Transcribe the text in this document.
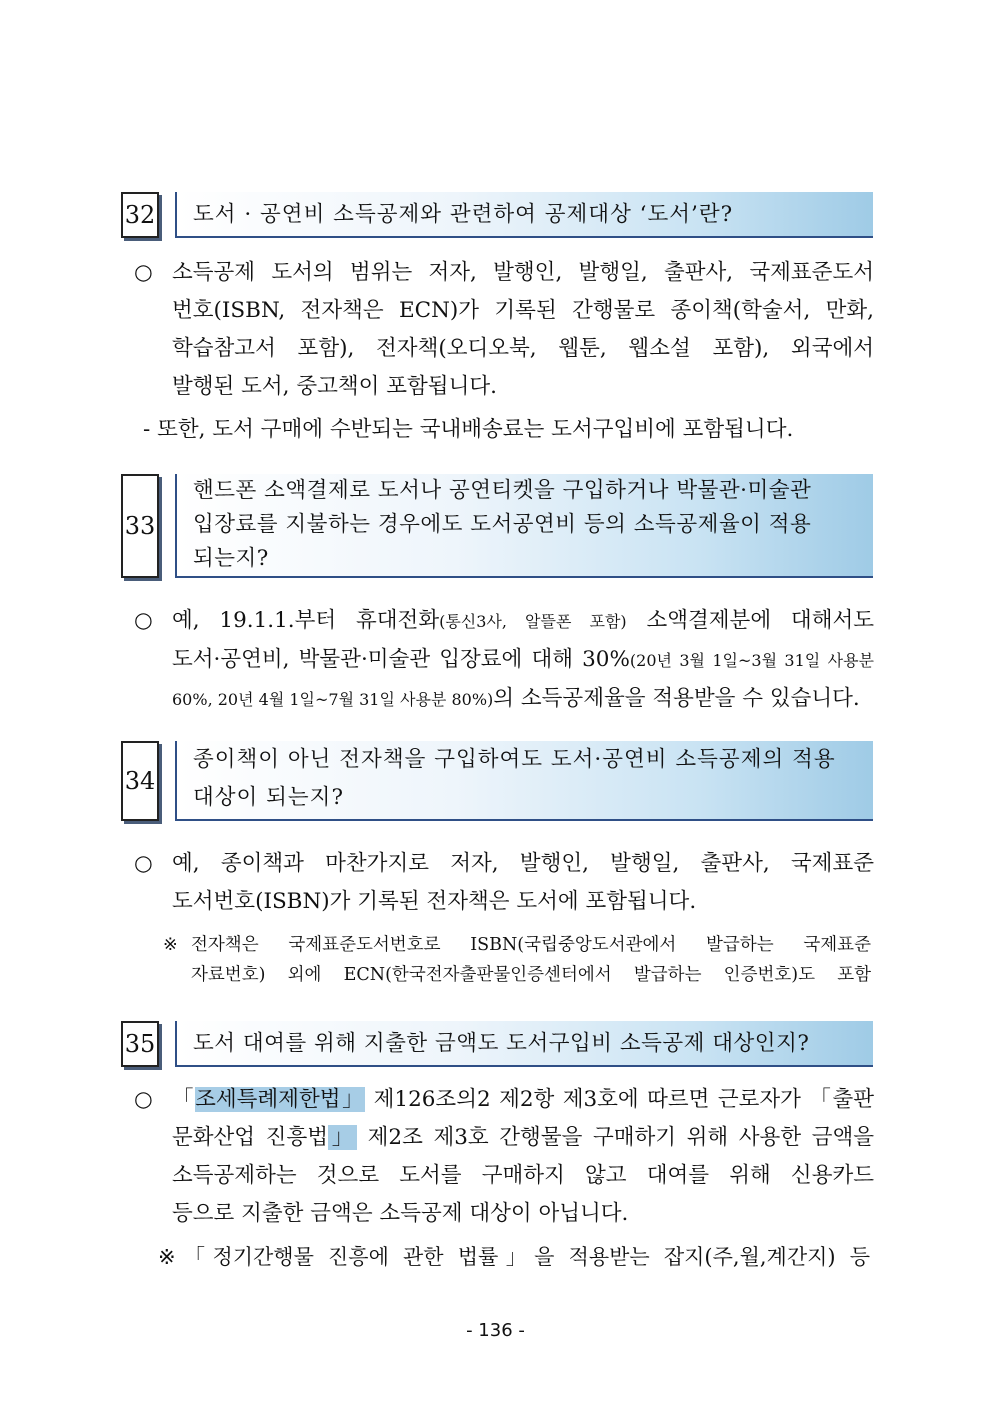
32 도서 · 공연비 소득공제와 관련하여 공제대상 ‘도서’란?
○ 소득공제 도서의 범위는 저자, 발행인, 발행일, 출판사, 국제표준도서
번호(ISBN, 전자책은 ECN)가 기록된 간행물로 종이책(학술서, 만화,
학습참고서 포함), 전자책(오디오북, 웹툰, 웹소설 포함), 외국에서
발행된 도서, 중고책이 포함됩니다.
- 또한, 도서 구매에 수반되는 국내배송료는 도서구입비에 포함됩니다.
33
핸드폰 소액결제로 도서나 공연티켓을 구입하거나 박물관·미술관
입장료를 지불하는 경우에도 도서공연비 등의 소득공제율이 적용
되는지?
○ 예, 19.1.1.부터 휴대전화(통신3사, 알뜰폰 포함) 소액결제분에 대해서도
도서·공연비, 박물관·미술관 입장료에 대해 30%(20년 3월 1일~3월 31일 사용분
60%, 20년 4월 1일~7월 31일 사용분 80%)의 소득공제율을 적용받을 수 있습니다.
34
종이책이 아닌 전자책을 구입하여도 도서·공연비 소득공제의 적용
대상이 되는지?
○ 예, 종이책과 마찬가지로 저자, 발행인, 발행일, 출판사, 국제표준
도서번호(ISBN)가 기록된 전자책은 도서에 포함됩니다.
※ 전자책은 국제표준도서번호로 ISBN(국립중앙도서관에서 발급하는 국제표준
자료번호) 외에 ECN(한국전자출판물인증센터에서 발급하는 인증번호)도 포함
35 도서 대여를 위해 지출한 금액도 도서구입비 소득공제 대상인지?
○ 「조세특례제한법」 제126조의2 제2항 제3호에 따르면 근로자가 「출판
문화산업 진흥법」 제2조 제3호 간행물을 구매하기 위해 사용한 금액을
소득공제하는 것으로 도서를 구매하지 않고 대여를 위해 신용카드
등으로 지출한 금액은 소득공제 대상이 아닙니다.
※ 「정기간행물 진흥에 관한 법률」을 적용받는 잡지(주,월,계간지) 등
- 136 -
